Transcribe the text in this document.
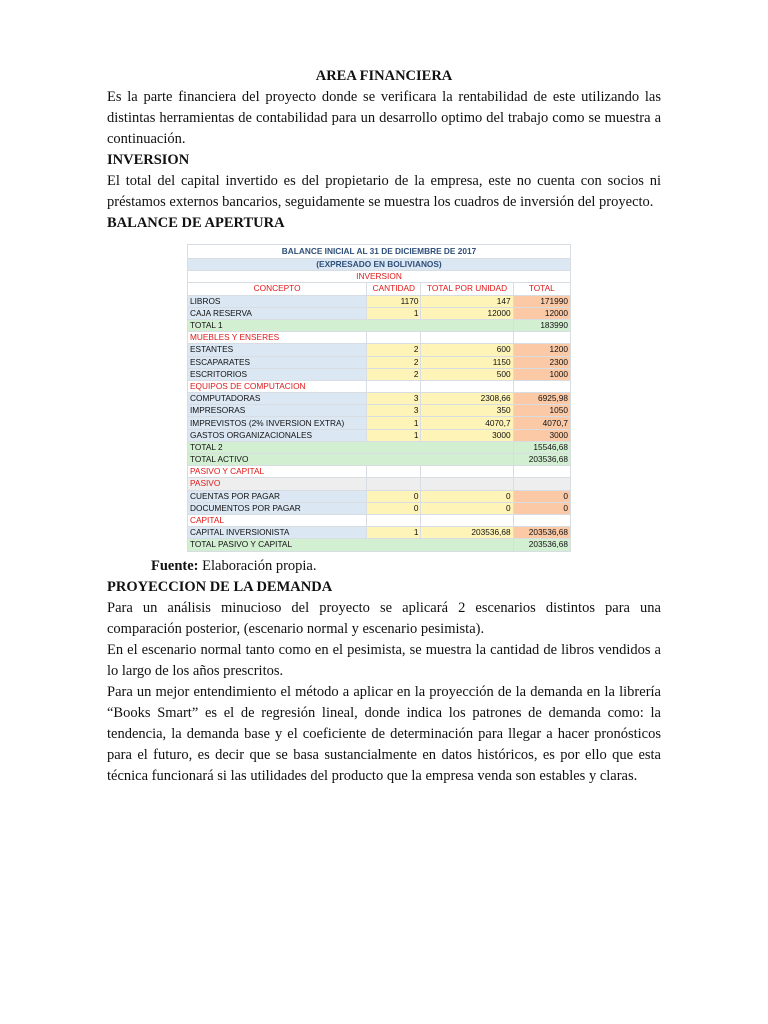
AREA FINANCIERA

Es la parte financiera del proyecto donde se verificara la rentabilidad de este utilizando las distintas herramientas de contabilidad para un desarrollo optimo del trabajo como se muestra a continuación.

INVERSION

El total del capital invertido es del propietario de la empresa, este no cuenta con socios ni préstamos externos bancarios, seguidamente se muestra los cuadros de inversión del proyecto.

BALANCE DE APERTURA

BALANCE INICIAL AL 31 DE DICIEMBRE DE 2017			
(EXPRESADO EN BOLIVIANOS)			
INVERSION			
CONCEPTO	CANTIDAD	TOTAL POR UNIDAD	TOTAL
LIBROS	1170	147	171990
CAJA RESERVA	1	12000	12000
TOTAL 1			183990
MUEBLES Y ENSERES			
ESTANTES	2	600	1200
ESCAPARATES	2	1150	2300
ESCRITORIOS	2	500	1000
EQUIPOS DE COMPUTACION			
COMPUTADORAS	3	2308,66	6925,98
IMPRESORAS	3	350	1050
IMPREVISTOS (2% INVERSION EXTRA)	1	4070,7	4070,7
GASTOS ORGANIZACIONALES	1	3000	3000
TOTAL 2			15546,68
TOTAL ACTIVO			203536,68
PASIVO Y CAPITAL			
PASIVO			
CUENTAS POR PAGAR	0	0	0
DOCUMENTOS POR PAGAR	0	0	0
CAPITAL			
CAPITAL INVERSIONISTA	1	203536,68	203536,68
TOTAL PASIVO Y CAPITAL			203536,68

Fuente: Elaboración propia.

PROYECCION DE LA DEMANDA

Para un análisis minucioso del proyecto se aplicará 2 escenarios distintos para una comparación posterior, (escenario normal y escenario pesimista).

En el escenario normal tanto como en el pesimista, se muestra la cantidad de libros vendidos a lo largo de los años prescritos.

Para un mejor entendimiento el método a aplicar en la proyección de la demanda en la librería “Books Smart” es el de regresión lineal, donde indica los patrones de demanda como: la tendencia, la demanda base y el coeficiente de determinación para llegar a hacer pronósticos para el futuro, es decir que se basa sustancialmente en datos históricos, es por ello que esta técnica funcionará si las utilidades del producto que la empresa venda son estables y claras.
